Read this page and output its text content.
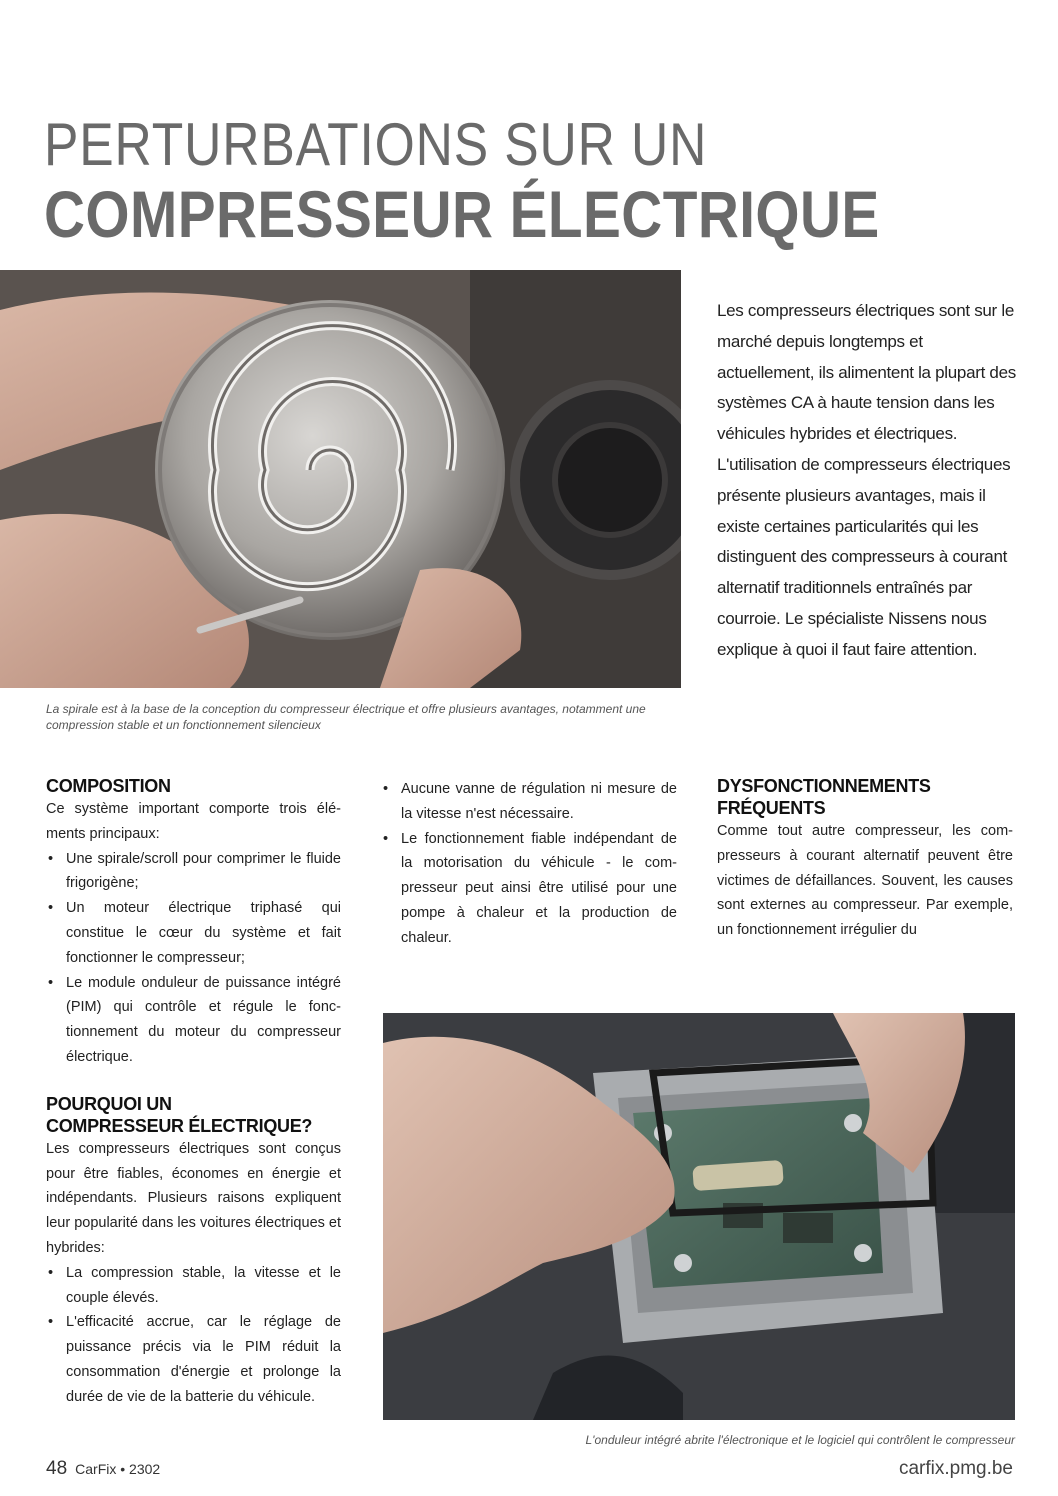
PERTURBATIONS SUR UN
COMPRESSEUR ÉLECTRIQUE
La spirale est à la base de la conception du compresseur électrique et offre plusieurs avantages, notamment une compression stable et un fonctionnement silencieux
Les compresseurs électriques sont sur le marché depuis longtemps et actuellement, ils alimentent la plupart des systèmes CA à haute tension dans les véhicules hybrides et électriques. L'utilisation de compresseurs électriques présente plusieurs avantages, mais il existe certaines particularités qui les distinguent des compresseurs à courant alternatif traditionnels entraînés par courroie. Le spécialiste Nissens nous explique à quoi il faut faire attention.
COMPOSITION

Ce système important comporte trois éléments principaux:

• Une spirale/scroll pour comprimer le fluide frigorigène;
• Un moteur électrique triphasé qui constitue le cœur du système et fait fonctionner le compresseur;
• Le module onduleur de puissance intégré (PIM) qui contrôle et régule le fonctionnement du moteur du compresseur électrique.
POURQUOI UN
COMPRESSEUR ÉLECTRIQUE?

Les compresseurs électriques sont conçus pour être fiables, économes en énergie et indépendants. Plusieurs raisons expliquent leur popularité dans les voitures électriques et hybrides:

• La compression stable, la vitesse et le couple élevés.
• L'efficacité accrue, car le réglage de puissance précis via le PIM réduit la consommation d'énergie et prolonge la durée de vie de la batterie du véhicule.
• Aucune vanne de régulation ni mesure de la vitesse n'est nécessaire.
• Le fonctionnement fiable indépendant de la motorisation du véhicule - le compresseur peut ainsi être utilisé pour une pompe à chaleur et la production de chaleur.
DYSFONCTIONNEMENTS
FRÉQUENTS

Comme tout autre compresseur, les compresseurs à courant alternatif peuvent être victimes de défaillances. Souvent, les causes sont externes au compresseur. Par exemple, un fonctionnement irrégulier du

L'onduleur intégré abrite l'électronique et le logiciel qui contrôlent le compresseur
48 CarFix • 2302	carfix.pmg.be
